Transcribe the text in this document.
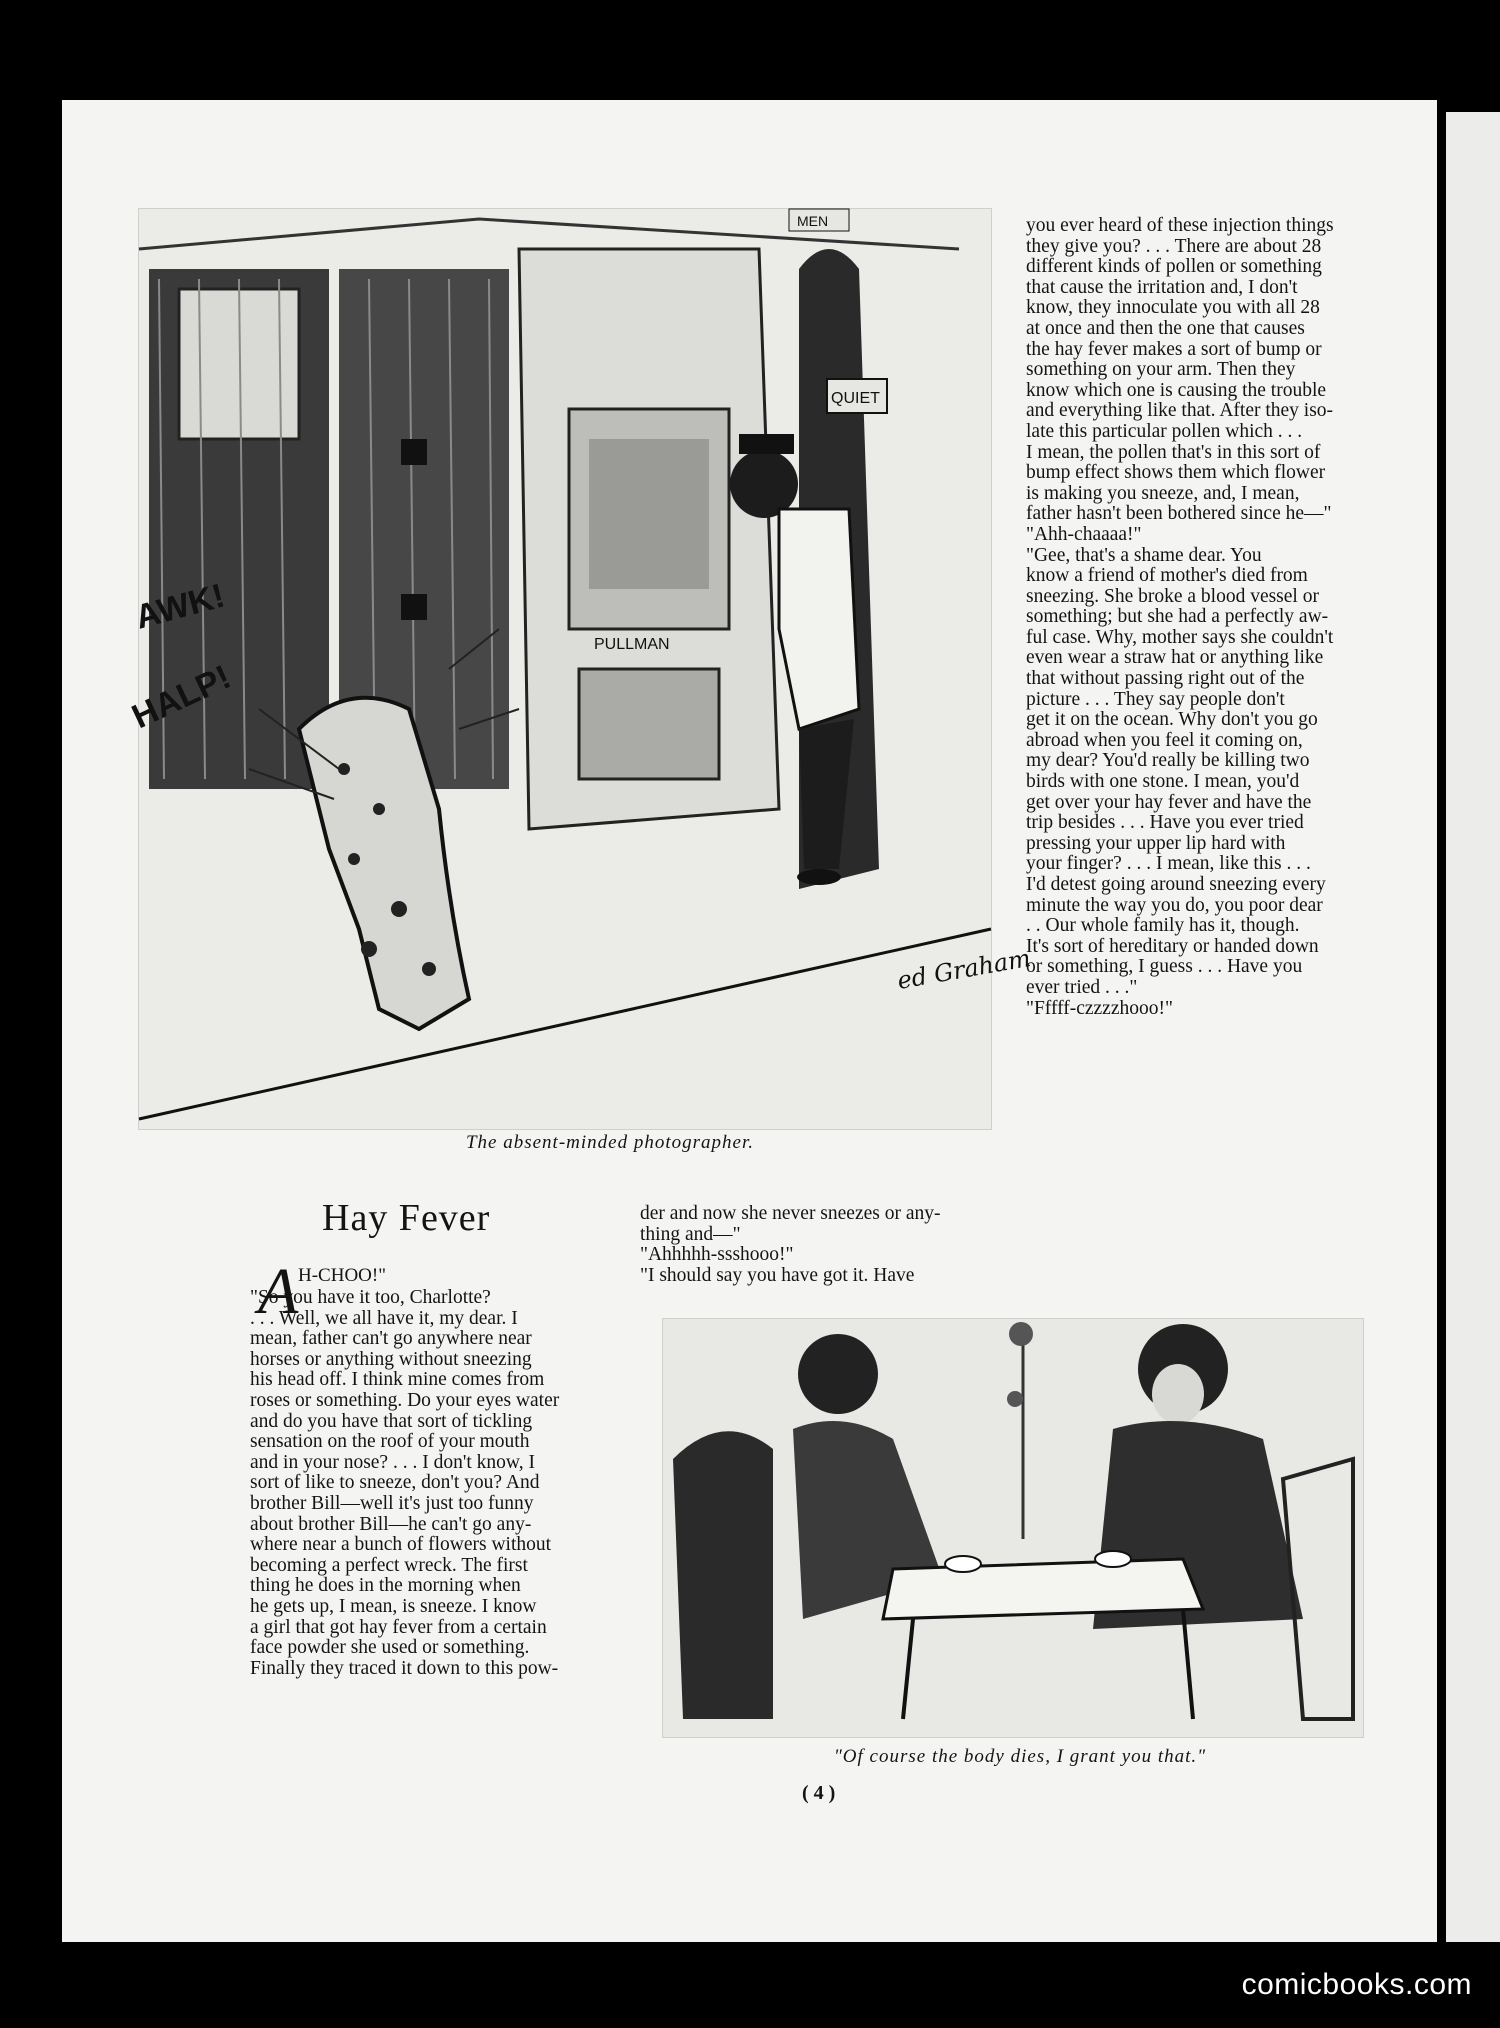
PULLMAN
MEN
QUIET
AWK!
HALP!
ed Graham
The absent-minded photographer.
you ever heard of these injection things
they give you? . . . There are about 28
different kinds of pollen or something
that cause the irritation and, I don't
know, they innoculate you with all 28
at once and then the one that causes
the hay fever makes a sort of bump or
something on your arm. Then they
know which one is causing the trouble
and everything like that. After they iso-
late this particular pollen which . . .
I mean, the pollen that's in this sort of
bump effect shows them which flower
is making you sneeze, and, I mean,
father hasn't been bothered since he—"
"Ahh-chaaaa!"
"Gee, that's a shame dear. You
know a friend of mother's died from
sneezing. She broke a blood vessel or
something; but she had a perfectly aw-
ful case. Why, mother says she couldn't
even wear a straw hat or anything like
that without passing right out of the
picture . . . They say people don't
get it on the ocean. Why don't you go
abroad when you feel it coming on,
my dear? You'd really be killing two
birds with one stone. I mean, you'd
get over your hay fever and have the
trip besides . . . Have you ever tried
pressing your upper lip hard with
your finger? . . . I mean, like this . . .
I'd detest going around sneezing every
minute the way you do, you poor dear
. . Our whole family has it, though.
It's sort of hereditary or handed down
or something, I guess . . . Have you
ever tried . . ."
"Fffff-czzzzhooo!"
Hay Fever
A H-CHOO!"
"So you have it too, Charlotte?
. . . Well, we all have it, my dear. I
mean, father can't go anywhere near
horses or anything without sneezing
his head off. I think mine comes from
roses or something. Do your eyes water
and do you have that sort of tickling
sensation on the roof of your mouth
and in your nose? . . . I don't know, I
sort of like to sneeze, don't you? And
brother Bill—well it's just too funny
about brother Bill—he can't go any-
where near a bunch of flowers without
becoming a perfect wreck. The first
thing he does in the morning when
he gets up, I mean, is sneeze. I know
a girl that got hay fever from a certain
face powder she used or something.
Finally they traced it down to this pow-
der and now she never sneezes or any-
thing and—"
"Ahhhhh-ssshooo!"
"I should say you have got it. Have
"Of course the body dies, I grant you that."
( 4 )
comicbooks.com
